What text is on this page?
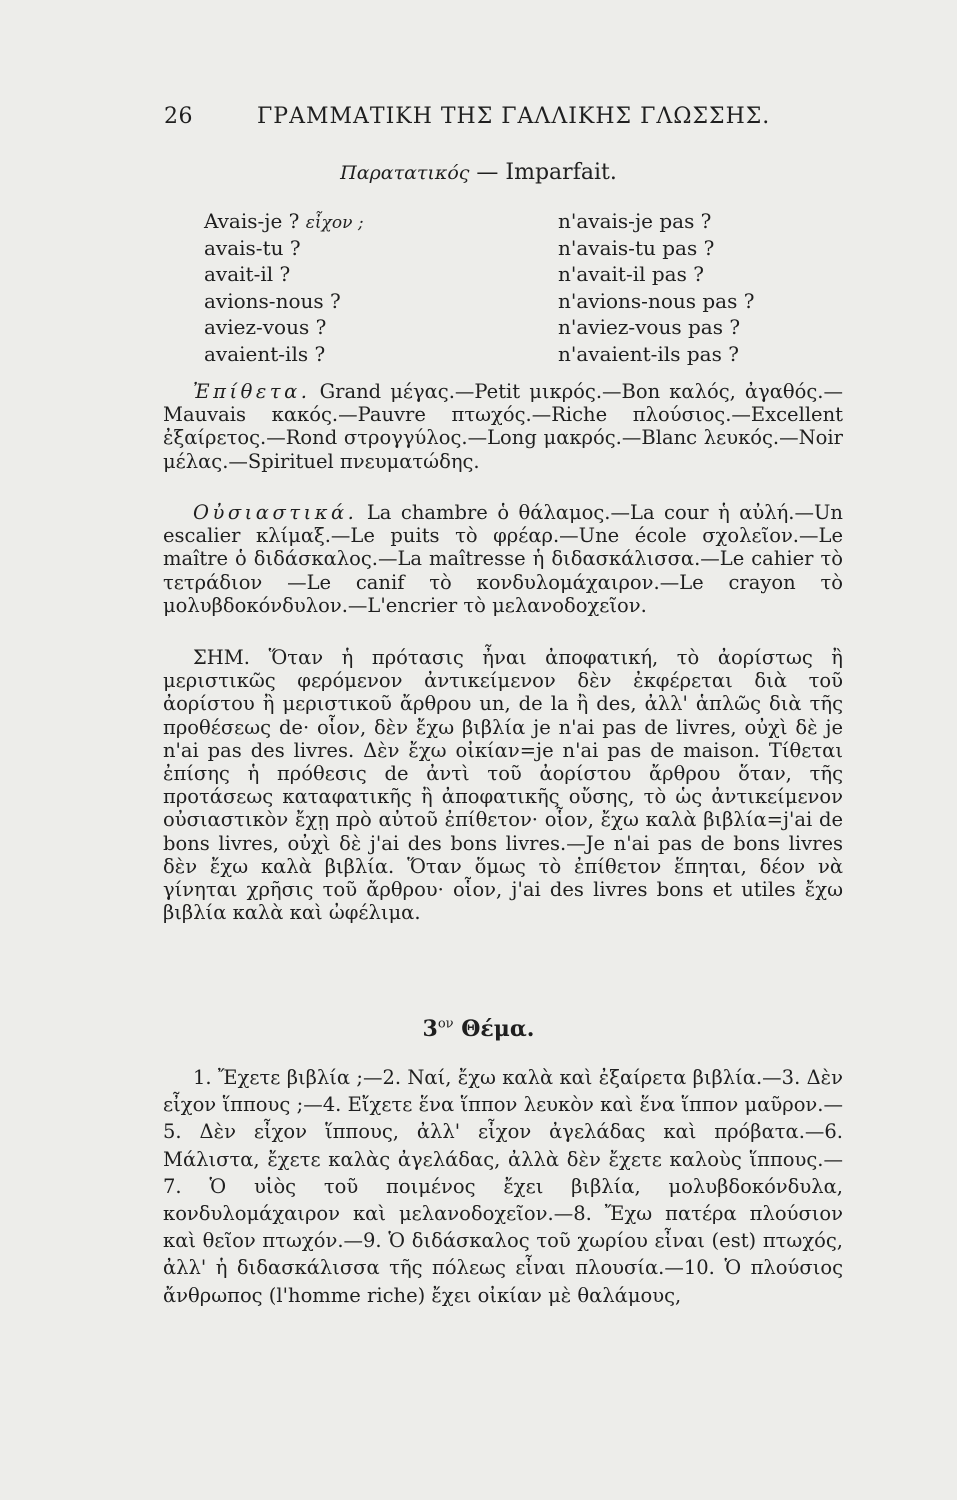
26	ΓΡΑΜΜΑΤΙΚΗ ΤΗΣ ΓΑΛΛΙΚΗΣ ΓΛΩΣΣΗΣ.
Παρατατικός — Imparfait.
Avais-je ? εἶχον ;
avais-tu ?
avait-il ?
avions-nous ?
aviez-vous ?
avaient-ils ?
n'avais-je pas ?
n'avais-tu pas ?
n'avait-il pas ?
n'avions-nous pas ?
n'aviez-vous pas ?
n'avaient-ils pas ?

Ἐπίθετα. Grand μέγας.—Petit μικρός.—Bon καλός, ἀγαθός.—Mauvais κακός.—Pauvre πτωχός.—Riche πλούσιος.—Excellent ἐξαίρετος.—Rond στρογγύλος.—Long μακρός.—Blanc λευκός.—Noir μέλας.—Spirituel πνευματώδης.

Οὐσιαστικά. La chambre ὁ θάλαμος.—La cour ἡ αὐλή.—Un escalier κλίμαξ.—Le puits τὸ φρέαρ.—Une école σχολεῖον.—Le maître ὁ διδάσκαλος.—La maîtresse ἡ διδασκάλισσα.—Le cahier τὸ τετράδιον —Le canif τὸ κονδυλομάχαιρον.—Le crayon τὸ μολυβδοκόνδυλον.—L'encrier τὸ μελανοδοχεῖον.

ΣΗΜ. Ὅταν ἡ πρότασις ἦναι ἀποφατική, τὸ ἀορίστως ἢ μεριστικῶς φερόμενον ἀντικείμενον δὲν ἐκφέρεται διὰ τοῦ ἀορίστου ἢ μεριστικοῦ ἄρθρου un, de la ἢ des, ἀλλ' ἁπλῶς διὰ τῆς προθέσεως de· οἷον, δὲν ἔχω βιβλία je n'ai pas de livres, οὐχὶ δὲ je n'ai pas des livres. Δὲν ἔχω οἰκίαν=je n'ai pas de maison. Τίθεται ἐπίσης ἡ πρόθεσις de ἀντὶ τοῦ ἀορίστου ἄρθρου ὅταν, τῆς προτάσεως καταφατικῆς ἢ ἀποφατικῆς οὔσης, τὸ ὡς ἀντικείμενον οὐσιαστικὸν ἔχῃ πρὸ αὐτοῦ ἐπίθετον· οἷον, ἔχω καλὰ βιβλία=j'ai de bons livres, οὐχὶ δὲ j'ai des bons livres.—Je n'ai pas de bons livres δὲν ἔχω καλὰ βιβλία. Ὅταν ὅμως τὸ ἐπίθετον ἕπηται, δέον νὰ γίνηται χρῆσις τοῦ ἄρθρου· οἷον, j'ai des livres bons et utiles ἔχω βιβλία καλὰ καὶ ὠφέλιμα.

$3^{o\nu}$ Θέμα.

1. Ἔχετε βιβλία ;—2. Ναί, ἔχω καλὰ καὶ ἐξαίρετα βιβλία.—3. Δὲν εἶχον ἵππους ;—4. Εἴχετε ἕνα ἵππον λευκὸν καὶ ἕνα ἵππον μαῦρον.—5. Δὲν εἶχον ἵππους, ἀλλ' εἶχον ἀγελάδας καὶ πρόβατα.—6. Μάλιστα, ἔχετε καλὰς ἀγελάδας, ἀλλὰ δὲν ἔχετε καλοὺς ἵππους.—7. Ὁ υἱὸς τοῦ ποιμένος ἔχει βιβλία, μολυβδοκόνδυλα, κονδυλομάχαιρον καὶ μελανοδοχεῖον.—8. Ἔχω πατέρα πλούσιον καὶ θεῖον πτωχόν.—9. Ὁ διδάσκαλος τοῦ χωρίου εἶναι (est) πτωχός, ἀλλ' ἡ διδασκάλισσα τῆς πόλεως εἶναι πλουσία.—10. Ὁ πλούσιος ἄνθρωπος (l'homme riche) ἔχει οἰκίαν μὲ θαλάμους,
